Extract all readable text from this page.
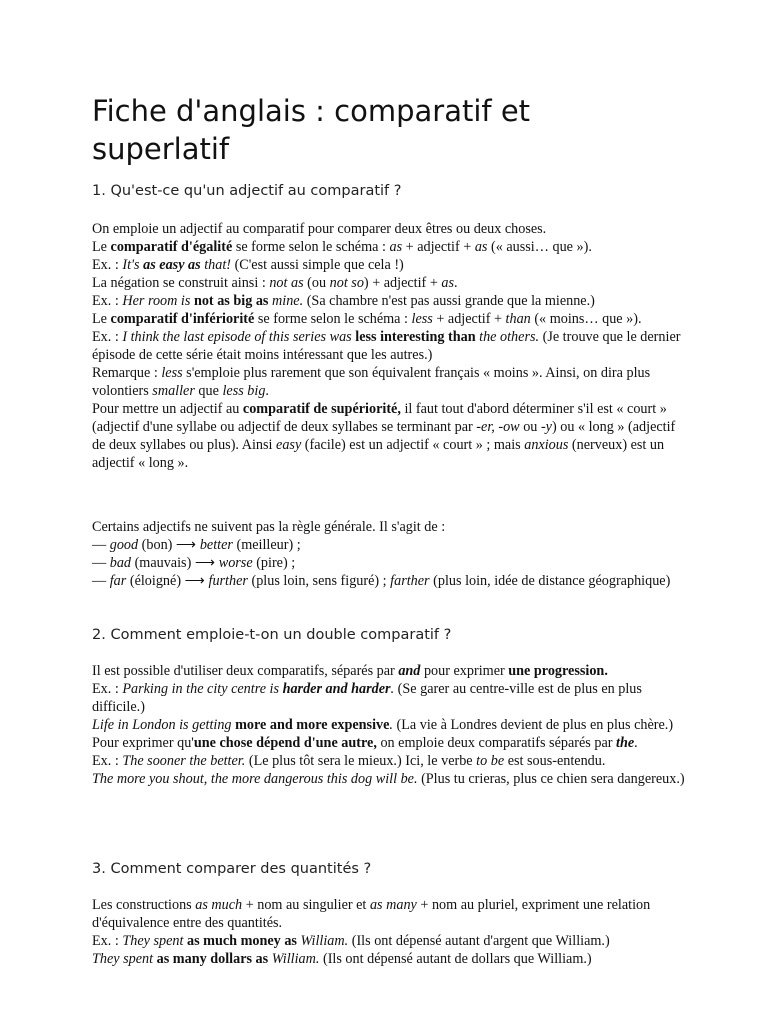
Fiche d'anglais : comparatif et superlatif
1. Qu'est-ce qu'un adjectif au comparatif ?

On emploie un adjectif au comparatif pour comparer deux êtres ou deux choses.

Le comparatif d'égalité se forme selon le schéma : as + adjectif + as (« aussi… que »).

Ex. : It's as easy as that! (C'est aussi simple que cela !)

La négation se construit ainsi : not as (ou not so) + adjectif + as.

Ex. : Her room is not as big as mine. (Sa chambre n'est pas aussi grande que la mienne.)

Le comparatif d'infériorité se forme selon le schéma : less + adjectif + than (« moins… que »).

Ex. : I think the last episode of this series was less interesting than the others. (Je trouve que le dernier épisode de cette série était moins intéressant que les autres.)

Remarque : less s'emploie plus rarement que son équivalent français « moins ». Ainsi, on dira plus volontiers smaller que less big.

Pour mettre un adjectif au comparatif de supériorité, il faut tout d'abord déterminer s'il est « court » (adjectif d'une syllabe ou adjectif de deux syllabes se terminant par -er, -ow ou -y) ou « long » (adjectif de deux syllabes ou plus). Ainsi easy (facile) est un adjectif « court » ; mais anxious (nerveux) est un adjectif « long ».

Certains adjectifs ne suivent pas la règle générale. Il s'agit de :

— good (bon) ⟶ better (meilleur) ;

— bad (mauvais) ⟶ worse (pire) ;

— far (éloigné) ⟶ further (plus loin, sens figuré) ; farther (plus loin, idée de distance géographique)

2. Comment emploie-t-on un double comparatif ?

Il est possible d'utiliser deux comparatifs, séparés par and pour exprimer une progression.

Ex. : Parking in the city centre is harder and harder. (Se garer au centre-ville est de plus en plus difficile.)

Life in London is getting more and more expensive. (La vie à Londres devient de plus en plus chère.)

Pour exprimer qu'une chose dépend d'une autre, on emploie deux comparatifs séparés par the.

Ex. : The sooner the better. (Le plus tôt sera le mieux.) Ici, le verbe to be est sous-entendu.

The more you shout, the more dangerous this dog will be. (Plus tu crieras, plus ce chien sera dangereux.)

3. Comment comparer des quantités ?

Les constructions as much + nom au singulier et as many + nom au pluriel, expriment une relation d'équivalence entre des quantités.

Ex. : They spent as much money as William. (Ils ont dépensé autant d'argent que William.)

They spent as many dollars as William. (Ils ont dépensé autant de dollars que William.)
